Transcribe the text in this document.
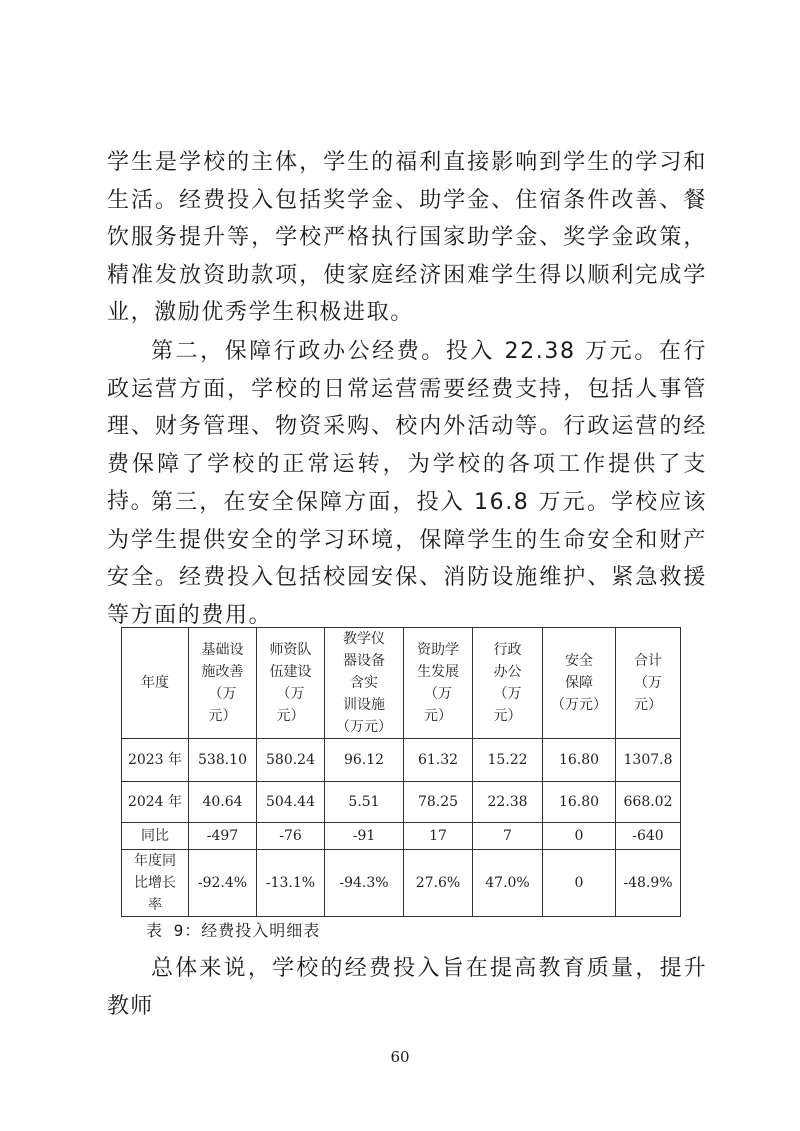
学生是学校的主体，学生的福利直接影响到学生的学习和生活。经费投入包括奖学金、助学金、住宿条件改善、餐饮服务提升等，学校严格执行国家助学金、奖学金政策，精准发放资助款项，使家庭经济困难学生得以顺利完成学业，激励优秀学生积极进取。

第二，保障行政办公经费。投入 22.38 万元。在行政运营方面，学校的日常运营需要经费支持，包括人事管理、财务管理、物资采购、校内外活动等。行政运营的经费保障了学校的正常运转，为学校的各项工作提供了支持。

第三，在安全保障方面，投入 16.8 万元。学校应该为学生提供安全的学习环境，保障学生的生命安全和财产安全。经费投入包括校园安保、消防设施维护、紧急救援等方面的费用。

年度	基础设
施改善
（万
元）	师资队
伍建设
（万
元）	教学仪
器设备
含实
训设施
（万元）	资助学
生发展
（万
元）	行政
办公
（万
元）	安全
保障
（万元）	合计
（万
元）
2023 年	538.10	580.24	96.12	61.32	15.22	16.80	1307.8
2024 年	40.64	504.44	5.51	78.25	22.38	16.80	668.02
同比	-497	-76	-91	17	7	0	-640
年度同
比增长
率	-92.4%	-13.1%	-94.3%	27.6%	47.0%	0	-48.9%
表 9：经费投入明细表

总体来说，学校的经费投入旨在提高教育质量，提升教师

60
